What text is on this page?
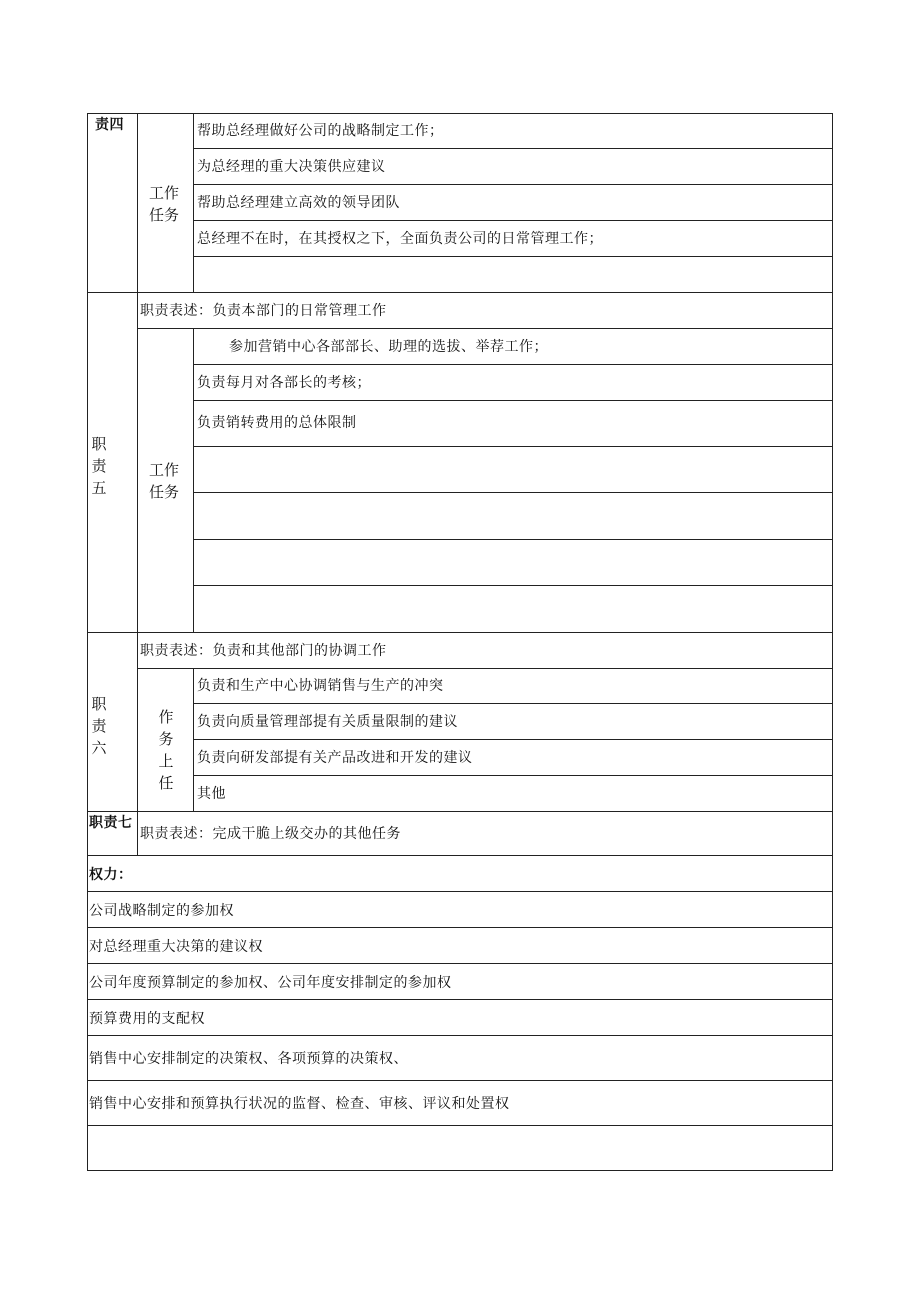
责四
工作任务
帮助总经理做好公司的战略制定工作；
为总经理的重大决策供应建议
帮助总经理建立高效的领导团队
总经理不在时，在其授权之下，全面负责公司的日常管理工作；
职责五
职责表述：负责本部门的日常管理工作
工作任务
参加营销中心各部部长、助理的选拔、举荐工作；
负责每月对各部长的考核；
负责销转费用的总体限制
职责六
职责表述：负责和其他部门的协调工作
作务上任
负责和生产中心协调销售与生产的冲突
负责向质量管理部提有关质量限制的建议
负责向研发部提有关产品改进和开发的建议
其他
职责七
职责表述：完成干脆上级交办的其他任务
权力：
公司战略制定的参加权
对总经理重大决第的建议权
公司年度预算制定的参加权、公司年度安排制定的参加权
预算费用的支配权
销售中心安排制定的决策权、各项预算的决策权、
销售中心安排和预算执行状况的监督、检查、审核、评议和处置权
